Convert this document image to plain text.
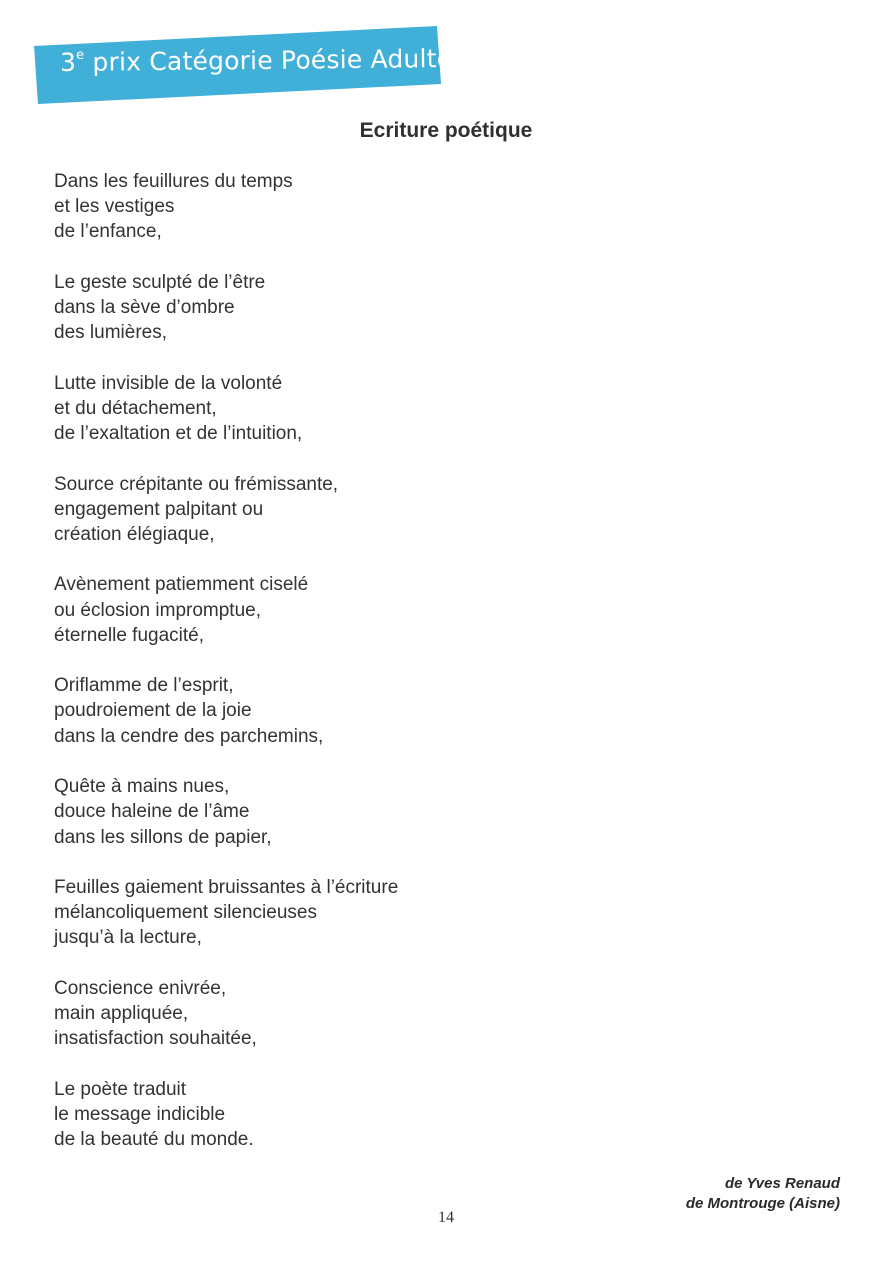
3e prix Catégorie Poésie Adulte
Ecriture poétique
Dans les feuillures du temps
et les vestiges
de l’enfance,
Le geste sculpté de l’être
dans la sève d’ombre
des lumières,
Lutte invisible de la volonté
et du détachement,
de l’exaltation et de l’intuition,
Source crépitante ou frémissante,
engagement palpitant ou
création élégiaque,
Avènement patiemment ciselé
ou éclosion impromptue,
éternelle fugacité,
Oriflamme de l’esprit,
poudroiement de la joie
dans la cendre des parchemins,
Quête à mains nues,
douce haleine de l’âme
dans les sillons de papier,
Feuilles gaiement bruissantes à l’écriture
mélancoliquement silencieuses
jusqu’à la lecture,
Conscience enivrée,
main appliquée,
insatisfaction souhaitée,
Le poète traduit
le message indicible
de la beauté du monde.
de Yves Renaud
de Montrouge (Aisne)
14
